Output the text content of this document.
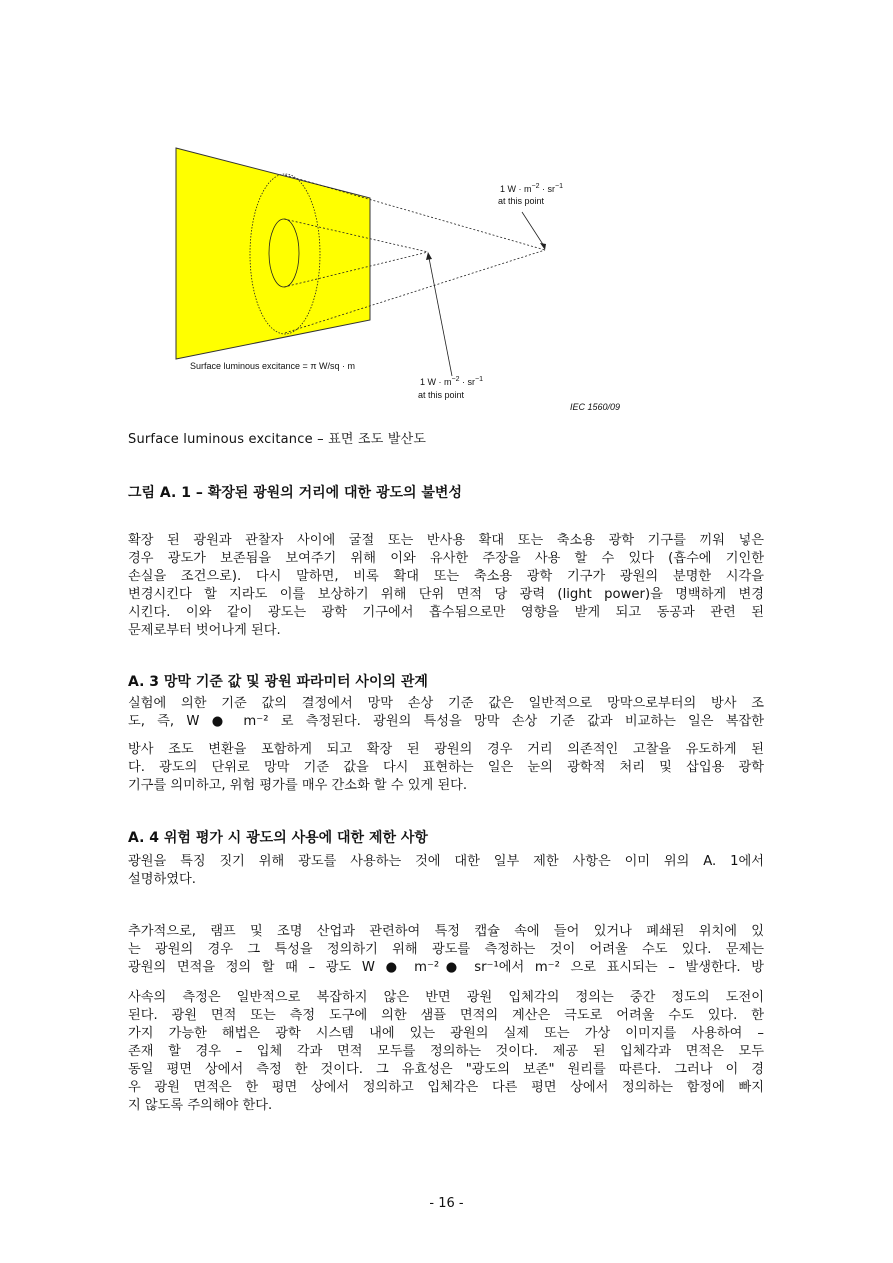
1 $W \cdot m^{-2} \cdot sr^{-1}$
at this point
Surface luminous excitance = π W/sq · m
1 $W \cdot m^{-2} \cdot sr^{-1}$
at this point
IEC 1560/09
Surface luminous excitance – 표면 조도 발산도
그림 A. 1 – 확장된 광원의 거리에 대한 광도의 불변성
확장 된 광원과 관찰자 사이에 굴절 또는 반사용 확대 또는 축소용 광학 기구를 끼워 넣은
경우 광도가 보존됨을 보여주기 위해 이와 유사한 주장을 사용 할 수 있다 (흡수에 기인한
손실을 조건으로). 다시 말하면, 비록 확대 또는 축소용 광학 기구가 광원의 분명한 시각을
변경시킨다 할 지라도 이를 보상하기 위해 단위 면적 당 광력 (light power)을 명백하게 변경
시킨다. 이와 같이 광도는 광학 기구에서 흡수됨으로만 영향을 받게 되고 동공과 관련 된
문제로부터 벗어나게 된다.
A. 3 망막 기준 값 및 광원 파라미터 사이의 관계
실험에 의한 기준 값의 결정에서 망막 손상 기준 값은 일반적으로 망막으로부터의 방사 조
도, 즉, W ● m⁻² 로 측정된다. 광원의 특성을 망막 손상 기준 값과 비교하는 일은 복잡한
방사 조도 변환을 포함하게 되고 확장 된 광원의 경우 거리 의존적인 고찰을 유도하게 된
다. 광도의 단위로 망막 기준 값을 다시 표현하는 일은 눈의 광학적 처리 및 삽입용 광학
기구를 의미하고, 위험 평가를 매우 간소화 할 수 있게 된다.
A. 4 위험 평가 시 광도의 사용에 대한 제한 사항
광원을 특징 짓기 위해 광도를 사용하는 것에 대한 일부 제한 사항은 이미 위의 A. 1에서
설명하였다.
추가적으로, 램프 및 조명 산업과 관련하여 특정 캡슐 속에 들어 있거나 폐쇄된 위치에 있
는 광원의 경우 그 특성을 정의하기 위해 광도를 측정하는 것이 어려울 수도 있다. 문제는
광원의 면적을 정의 할 때 – 광도 W ● m⁻²● sr⁻¹에서 m⁻² 으로 표시되는 – 발생한다. 방
사속의 측정은 일반적으로 복잡하지 않은 반면 광원 입체각의 정의는 중간 정도의 도전이
된다. 광원 면적 또는 측정 도구에 의한 샘플 면적의 계산은 극도로 어려울 수도 있다. 한
가지 가능한 해법은 광학 시스템 내에 있는 광원의 실제 또는 가상 이미지를 사용하여 –
존재 할 경우 – 입체 각과 면적 모두를 정의하는 것이다. 제공 된 입체각과 면적은 모두
동일 평면 상에서 측정 한 것이다. 그 유효성은 "광도의 보존" 원리를 따른다. 그러나 이 경
우 광원 면적은 한 평면 상에서 정의하고 입체각은 다른 평면 상에서 정의하는 함정에 빠지
지 않도록 주의해야 한다.
- 16 -
